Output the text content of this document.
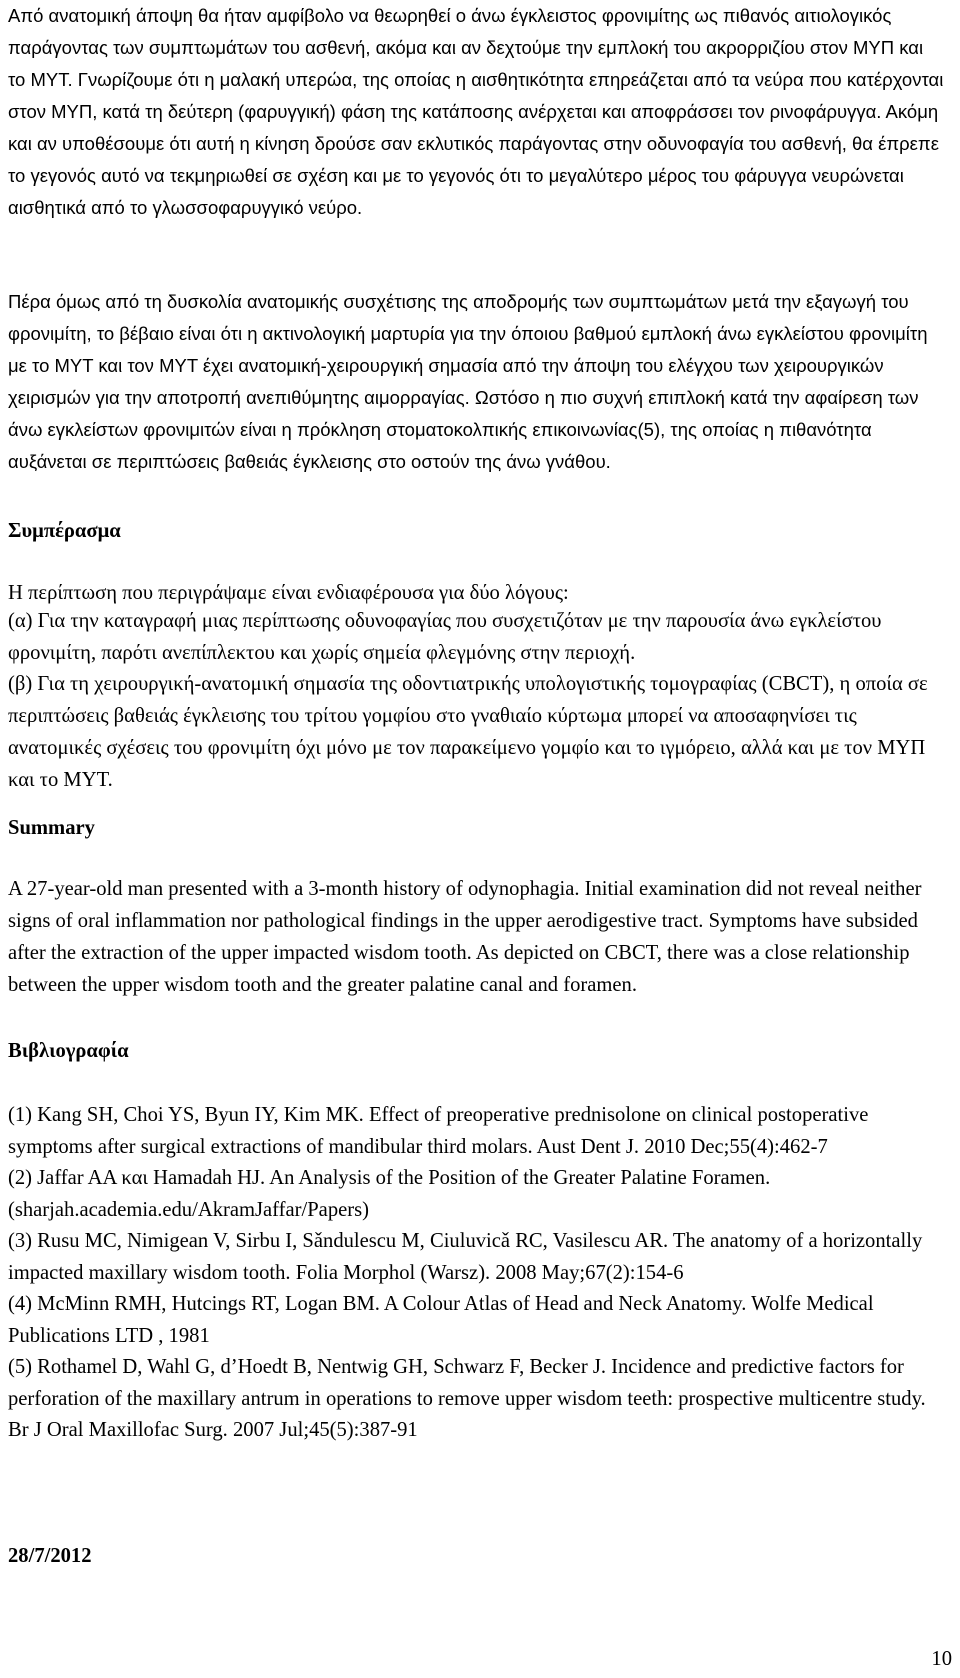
Από ανατομική άποψη θα ήταν αμφίβολο να θεωρηθεί ο άνω έγκλειστος φρονιμίτης ως πιθανός αιτιολογικός παράγοντας των συμπτωμάτων του ασθενή, ακόμα και αν δεχτούμε την εμπλοκή του ακρορριζίου στον ΜΥΠ και το ΜΥΤ. Γνωρίζουμε ότι η μαλακή υπερώα, της οποίας η αισθητικότητα επηρεάζεται από τα νεύρα που κατέρχονται στον ΜΥΠ, κατά τη δεύτερη (φαρυγγική) φάση της κατάποσης ανέρχεται και αποφράσσει τον ρινοφάρυγγα. Ακόμη και αν υποθέσουμε ότι αυτή η κίνηση δρούσε σαν εκλυτικός παράγοντας στην οδυνοφαγία του ασθενή, θα έπρεπε το γεγονός αυτό να τεκμηριωθεί σε σχέση και με το γεγονός ότι το μεγαλύτερο μέρος του φάρυγγα νευρώνεται αισθητικά από το γλωσσοφαρυγγικό νεύρο.

Πέρα όμως από τη δυσκολία ανατομικής συσχέτισης της αποδρομής των συμπτωμάτων μετά την εξαγωγή του φρονιμίτη, το βέβαιο είναι ότι η ακτινολογική μαρτυρία για την όποιου βαθμού εμπλοκή άνω εγκλείστου φρονιμίτη με το ΜΥΤ και τον ΜΥΤ έχει ανατομική-χειρουργική σημασία από την άποψη του ελέγχου των χειρουργικών χειρισμών για την αποτροπή ανεπιθύμητης αιμορραγίας. Ωστόσο η πιο συχνή επιπλοκή κατά την αφαίρεση των άνω εγκλείστων φρονιμιτών είναι η πρόκληση στοματοκολπικής επικοινωνίας(5), της οποίας η πιθανότητα αυξάνεται σε περιπτώσεις βαθειάς έγκλεισης στο οστούν της άνω γνάθου.

Συμπέρασμα

Η περίπτωση που περιγράψαμε είναι ενδιαφέρουσα για δύο λόγους:

(α) Για την καταγραφή μιας περίπτωσης οδυνοφαγίας που συσχετιζόταν με την παρουσία άνω εγκλείστου φρονιμίτη, παρότι ανεπίπλεκτου και χωρίς σημεία φλεγμόνης στην περιοχή.

(β) Για τη χειρουργική-ανατομική σημασία της οδοντιατρικής υπολογιστικής τομογραφίας (CBCT), η οποία σε περιπτώσεις βαθειάς έγκλεισης του τρίτου γομφίου στο γναθιαίο κύρτωμα μπορεί να αποσαφηνίσει τις ανατομικές σχέσεις του φρονιμίτη όχι μόνο με τον παρακείμενο γομφίο και το ιγμόρειο, αλλά και με τον ΜΥΠ και το ΜΥΤ.

Summary

A 27-year-old man presented with a 3-month history of odynophagia. Initial examination did not reveal neither signs of oral inflammation nor pathological findings in the upper aerodigestive tract. Symptoms have subsided after the extraction of the upper impacted wisdom tooth. As depicted on CBCT, there was a close relationship between the upper wisdom tooth and the greater palatine canal and foramen.

Βιβλιογραφία

(1) Kang SH, Choi YS, Byun IY, Kim MK. Effect of preoperative prednisolone on clinical postoperative symptoms after surgical extractions of mandibular third molars. Aust Dent J. 2010 Dec;55(4):462-7

(2) Jaffar AA και Hamadah HJ. An Analysis of the Position of the Greater Palatine Foramen. (sharjah.academia.edu/AkramJaffar/Papers)

(3) Rusu MC, Nimigean V, Sirbu I, Sǎndulescu M, Ciuluvicǎ RC, Vasilescu AR. The anatomy of a horizontally impacted maxillary wisdom tooth. Folia Morphol (Warsz). 2008 May;67(2):154-6

(4) McMinn RMH, Hutcings RT, Logan BM. A Colour Atlas of Head and Neck Anatomy. Wolfe Medical Publications LTD , 1981

(5) Rothamel D, Wahl G, d’Hoedt B, Nentwig GH, Schwarz F, Becker J. Incidence and predictive factors for perforation of the maxillary antrum in operations to remove upper wisdom teeth: prospective multicentre study. Br J Oral Maxillofac Surg. 2007 Jul;45(5):387-91

28/7/2012

10
